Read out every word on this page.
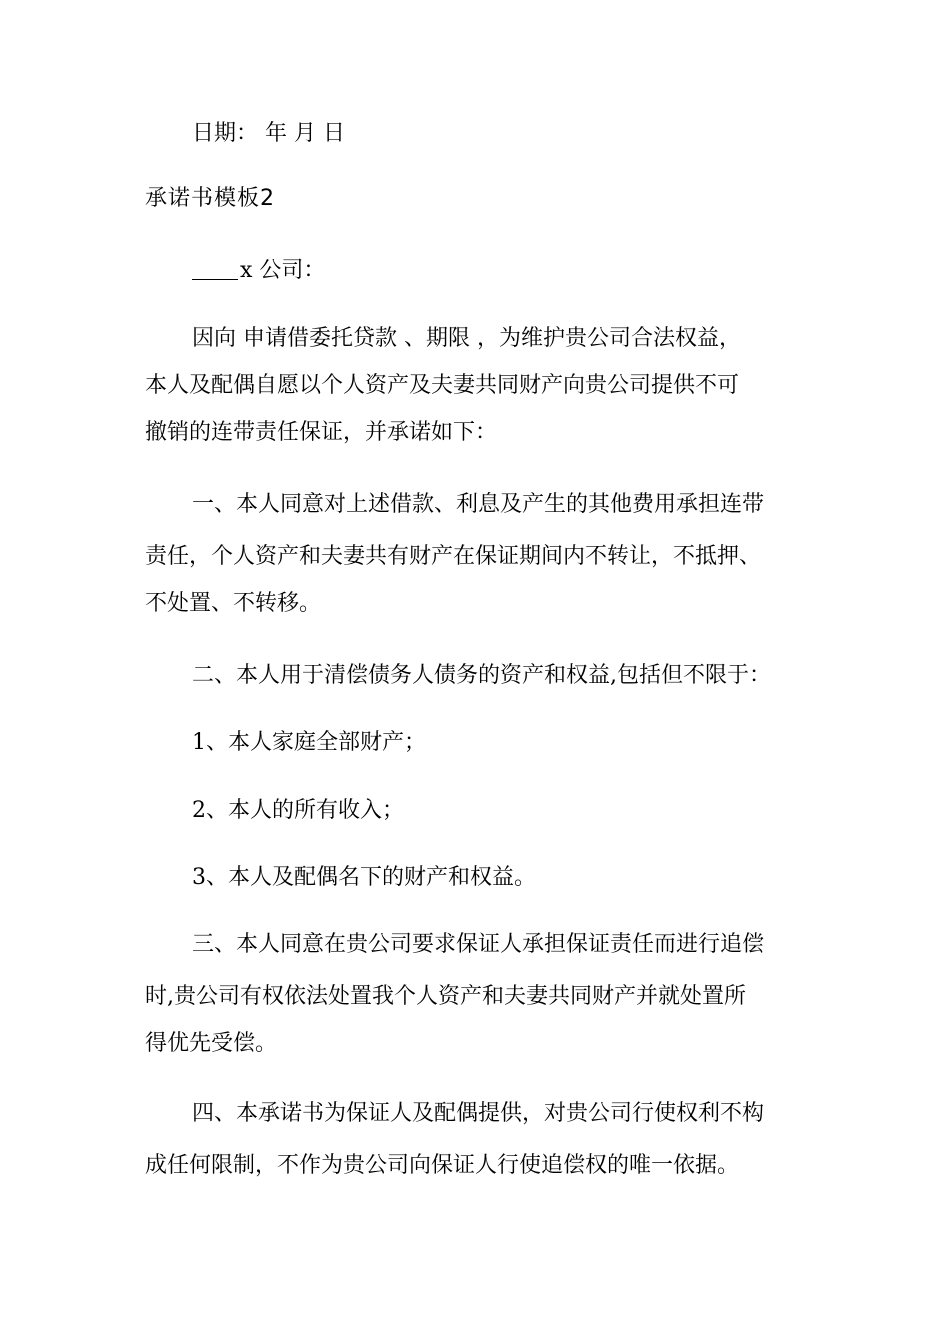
日期： 年 月 日
承诺书模板2
x 公司：
因向 申请借委托贷款 、期限 ，为维护贵公司合法权益，
本人及配偶自愿以个人资产及夫妻共同财产向贵公司提供不可
撤销的连带责任保证，并承诺如下：
一、本人同意对上述借款、利息及产生的其他费用承担连带
责任，个人资产和夫妻共有财产在保证期间内不转让，不抵押、
不处置、不转移。
二、本人用于清偿债务人债务的资产和权益,包括但不限于：
1、本人家庭全部财产；
2、本人的所有收入；
3、本人及配偶名下的财产和权益。
三、本人同意在贵公司要求保证人承担保证责任而进行追偿
时,贵公司有权依法处置我个人资产和夫妻共同财产并就处置所
得优先受偿。
四、本承诺书为保证人及配偶提供，对贵公司行使权利不构
成任何限制，不作为贵公司向保证人行使追偿权的唯一依据。
